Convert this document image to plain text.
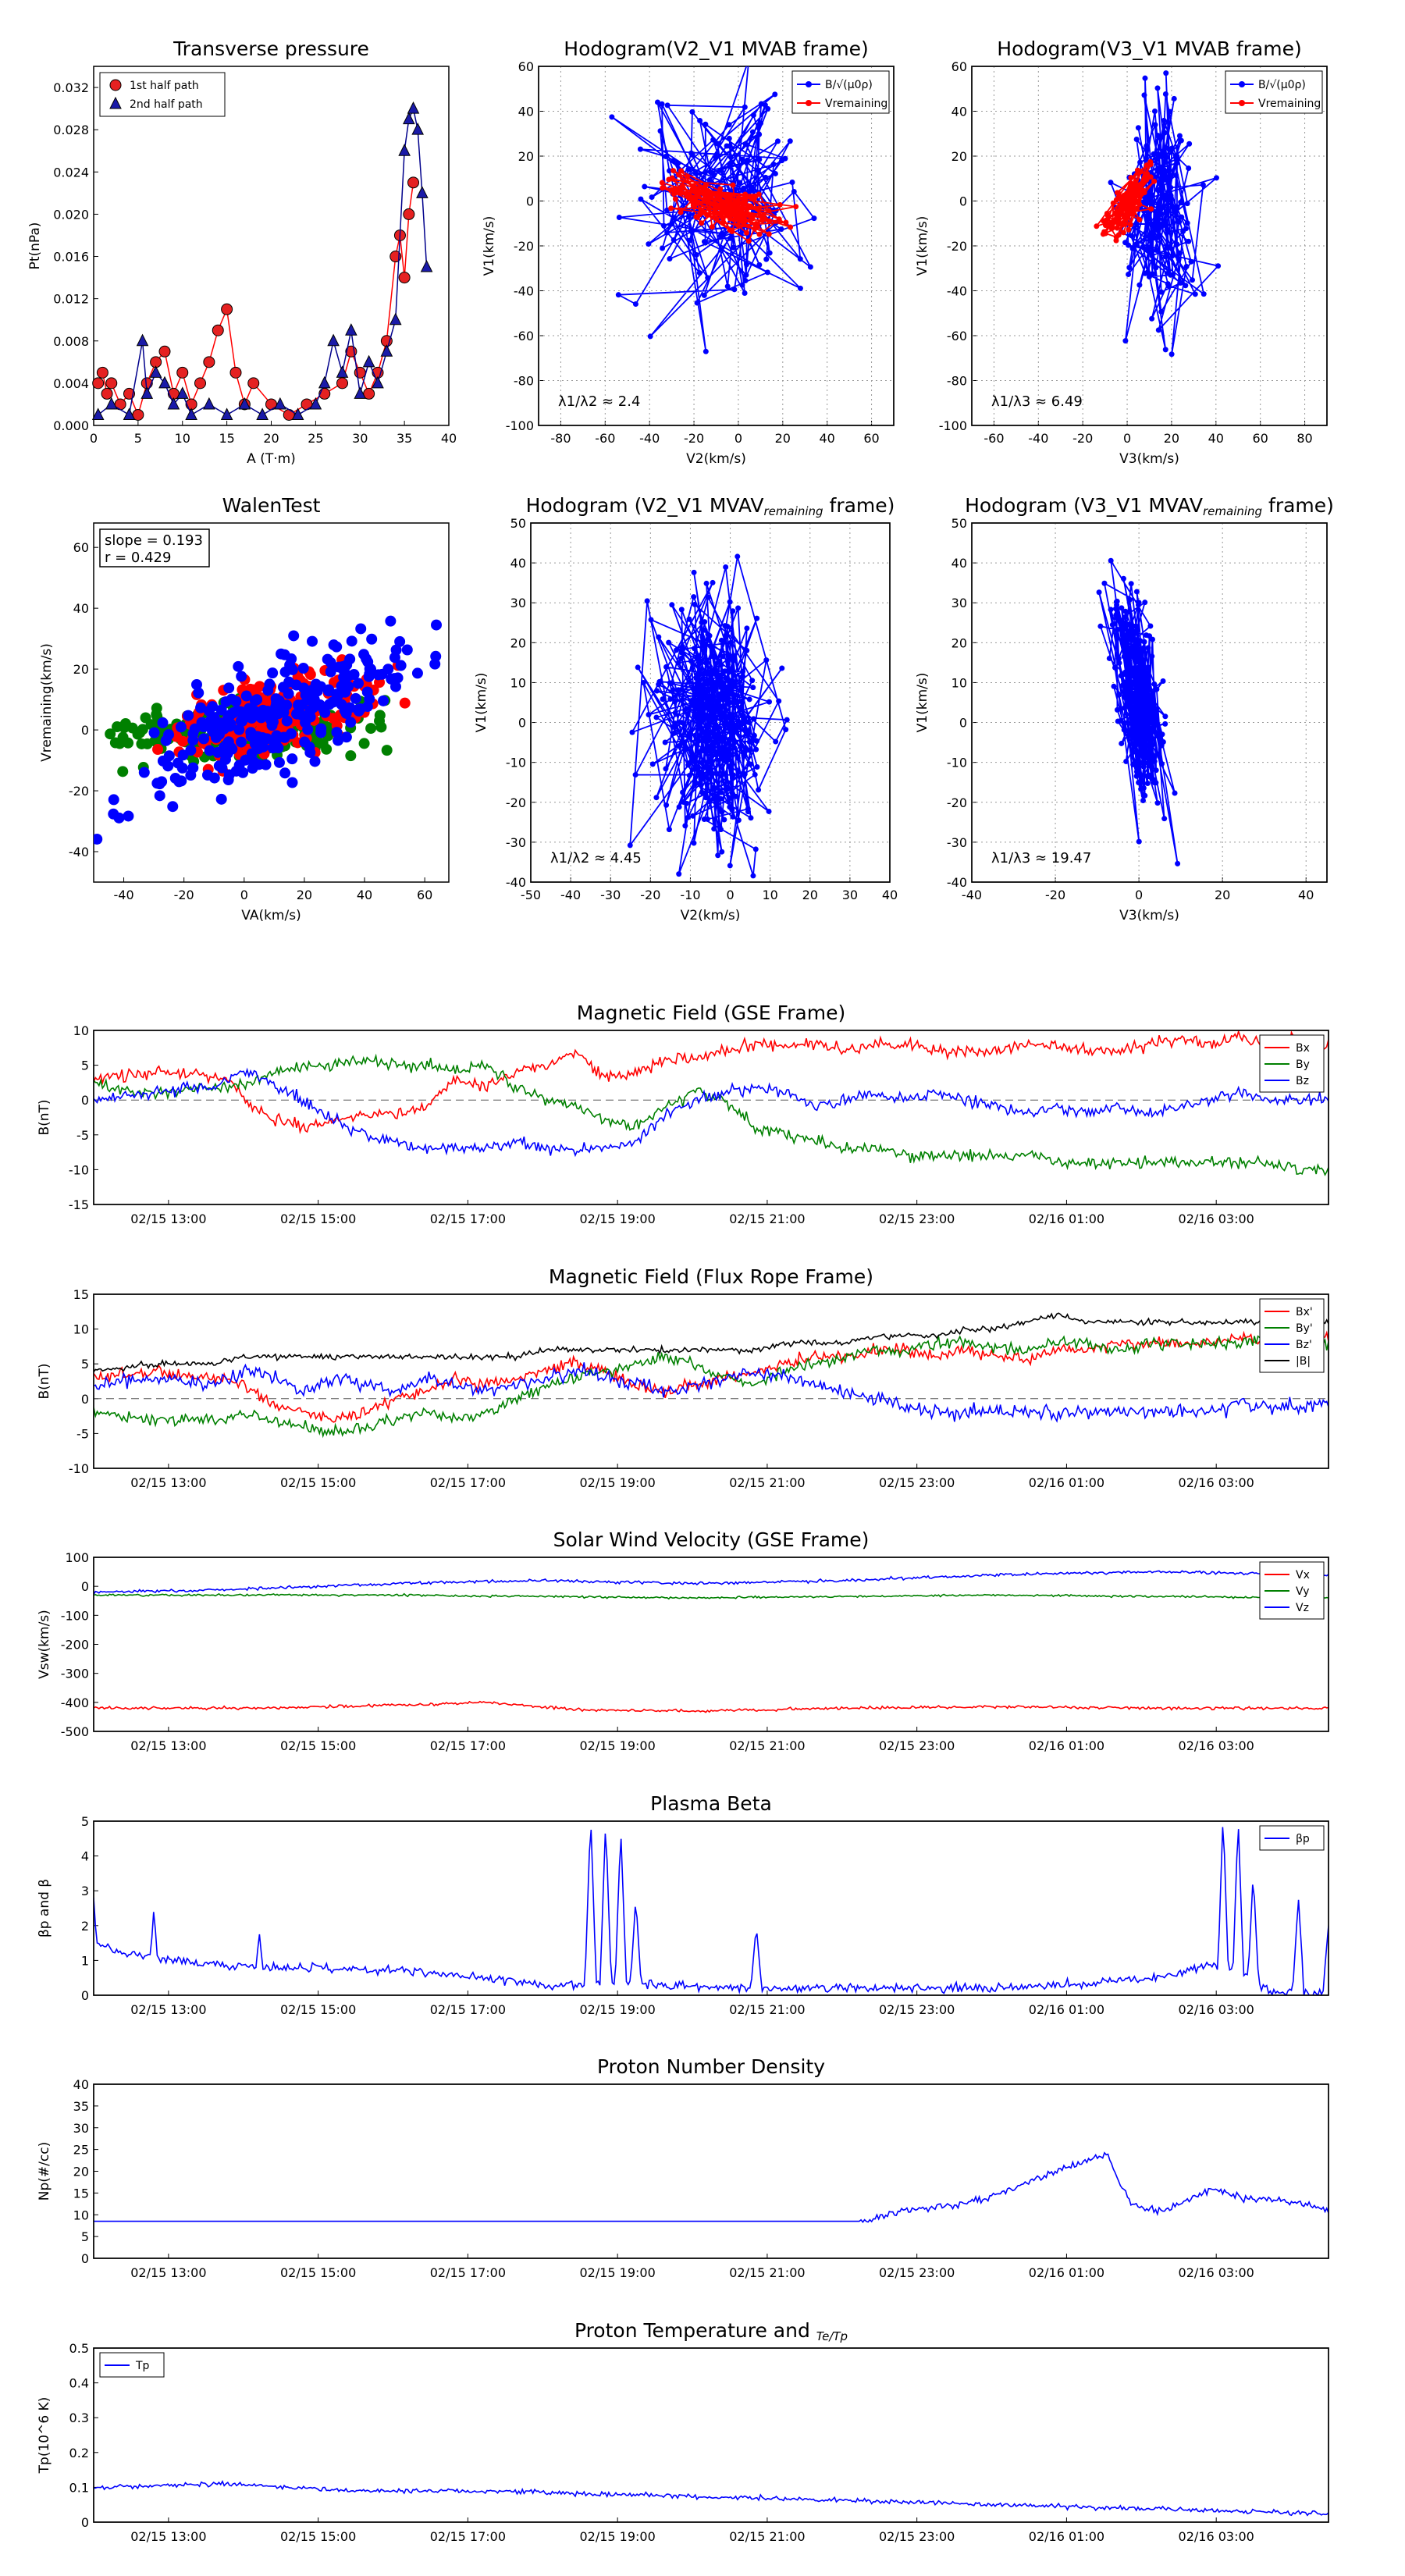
0	5	10 15 20 25 30 35 40
0.000
0.004
0.008
0.012
0.016
0.020
0.024
0.028
0.032
Transverse pressure
A (T·m)
Pt(nPa)
1st half path
2nd half path
-80 -60 -40 -20 0	20 40 60
-100
-80
-60
-40
-20
0
20
40
60
Hodogram(V2_V1 MVAB frame)
V2(km/s)
V1(km/s)
λ1/λ2 ≈ 2.4
B/√(μ0ρ)
Vremaining
-60 -40 -20 0	20 40 60 80
-100
-80
-60
-40
-20
0
20
40
60
Hodogram(V3_V1 MVAB frame)
V3(km/s)
V1(km/s)
λ1/λ3 ≈ 6.49
B/√(μ0ρ)
Vremaining
-40	-20	0	20	40	60
-40
-20
0
20
40
60
WalenTest
VA(km/s)
Vremaining(km/s)
slope = 0.193
r = 0.429
-50 -40 -30 -20 -10 0 10 20 30 40
-40
-30
-20
-10
0
10
20
30
40
50
Hodogram (V2_V1 MVAVremaining frame)
V2(km/s)
V1(km/s)
λ1/λ2 ≈ 4.45
-40	-20	0	20	40
-40
-30
-20
-10
0
10
20
30
40
50
Hodogram (V3_V1 MVAVremaining frame)
V3(km/s)
V1(km/s)
λ1/λ3 ≈ 19.47
-15
-10
-5
0
5
10
02/15 13:00	02/15 15:00	02/15 17:00	02/15 19:00	02/15 21:00	02/15 23:00	02/16 01:00	02/16 03:00
Magnetic Field (GSE Frame)
B(nT)
Bx
By
Bz
-10
-5
0
5
10
15
02/15 13:00	02/15 15:00	02/15 17:00	02/15 19:00	02/15 21:00	02/15 23:00	02/16 01:00	02/16 03:00
Magnetic Field (Flux Rope Frame)
B(nT)
Bx'
By'
Bz'
|B|
-500
-400
-300
-200
-100
0
100
02/15 13:00	02/15 15:00	02/15 17:00	02/15 19:00	02/15 21:00	02/15 23:00	02/16 01:00	02/16 03:00
Solar Wind Velocity (GSE Frame)
Vsw(km/s)
Vx
Vy
Vz
0
1
2
3
4
5
02/15 13:00	02/15 15:00	02/15 17:00	02/15 19:00	02/15 21:00	02/15 23:00	02/16 01:00	02/16 03:00
Plasma Beta
βp and β
βp
0
5
10
15
20
25
30
35
40
02/15 13:00	02/15 15:00	02/15 17:00	02/15 19:00	02/15 21:00	02/15 23:00	02/16 01:00	02/16 03:00
Proton Number Density
Np(#/cc)
0
0.1
0.2
0.3
0.4
0.5
02/15 13:00	02/15 15:00	02/15 17:00	02/15 19:00	02/15 21:00	02/15 23:00	02/16 01:00	02/16 03:00
Proton Temperature and Te/Tp
Tp(10^6 K)
Tp
